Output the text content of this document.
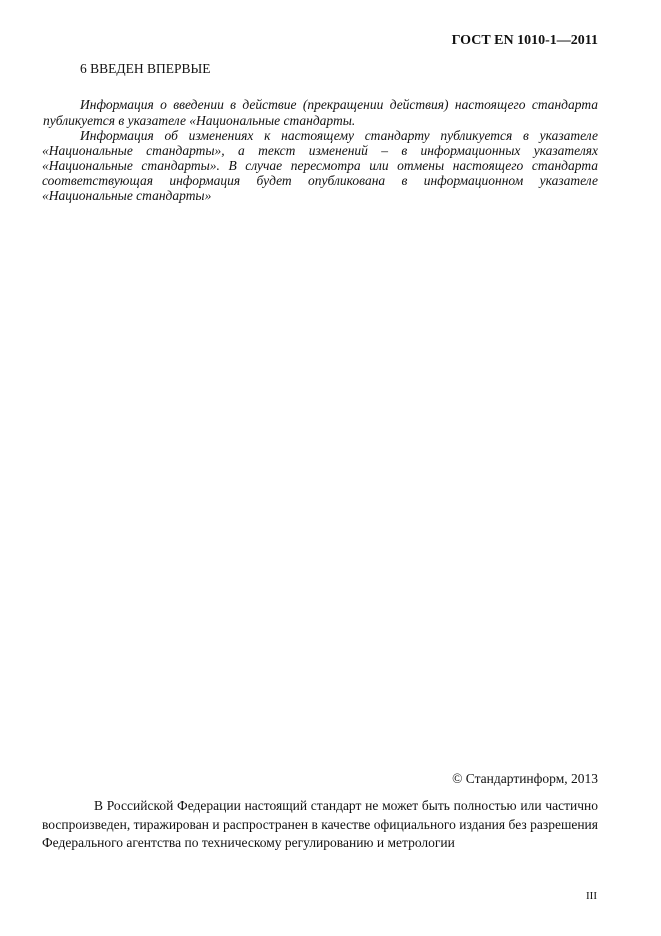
ГОСТ EN 1010-1—2011
6 ВВЕДЕН ВПЕРВЫЕ
Информация о введении в действие (прекращении действия) настоящего стандарта
публикуется в указателе «Национальные стандарты.
Информация об изменениях к настоящему стандарту публикуется в указателе
«Национальные стандарты», а текст изменений – в информационных указателях
«Национальные стандарты». В случае пересмотра или отмены настоящего стандарта
соответствующая информация будет опубликована в информационном указателе
«Национальные стандарты»
© Стандартинформ, 2013
В Российской Федерации настоящий стандарт не может быть полностью или частично
воспроизведен, тиражирован и распространен в качестве официального издания без разрешения
Федерального агентства по техническому регулированию и метрологии
III
